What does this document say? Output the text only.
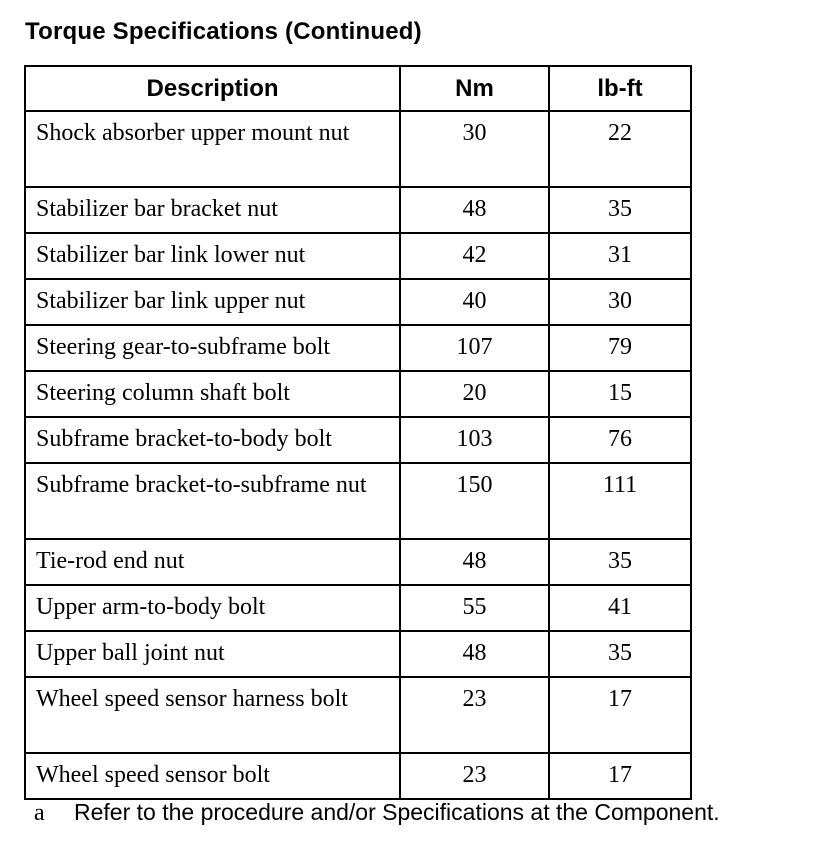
Torque Specifications (Continued)
Description	Nm	lb-ft
Shock absorber upper mount nut	30	22
Stabilizer bar bracket nut	48	35
Stabilizer bar link lower nut	42	31
Stabilizer bar link upper nut	40	30
Steering gear-to-subframe bolt	107	79
Steering column shaft bolt	20	15
Subframe bracket-to-body bolt	103	76
Subframe bracket-to-subframe nut	150	111
Tie-rod end nut	48	35
Upper arm-to-body bolt	55	41
Upper ball joint nut	48	35
Wheel speed sensor harness bolt	23	17
Wheel speed sensor bolt	23	17
a Refer to the procedure and/or Specifications at the Component.
